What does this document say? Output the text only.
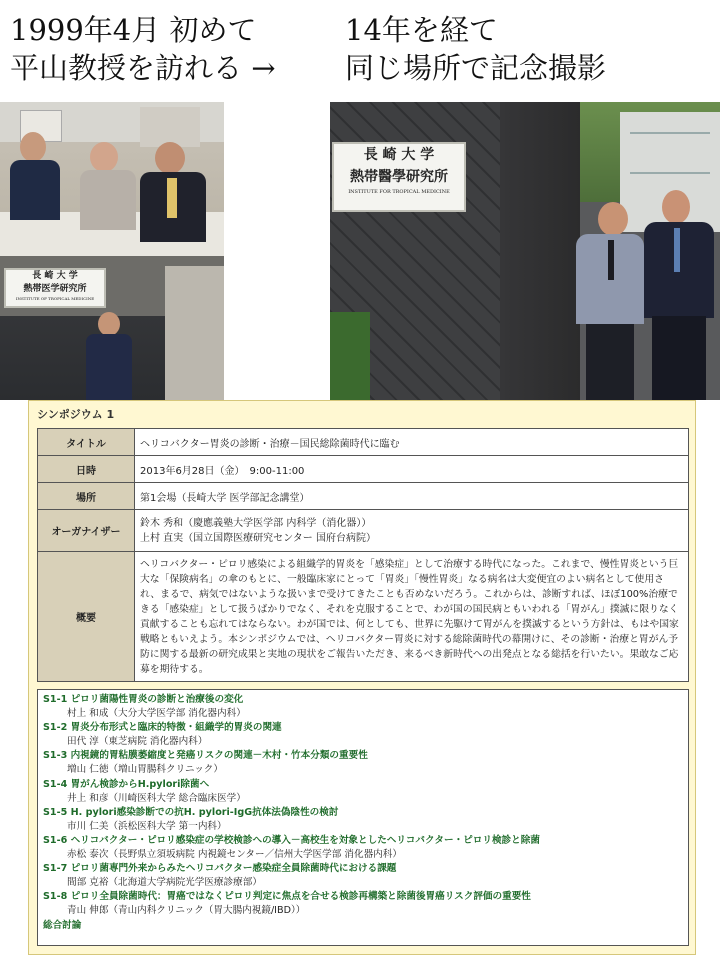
1999年4月 初めて
平山教授を訪れる →
14年を経て
同じ場所で記念撮影
長 崎 大 学
熱帯医学研究所
INSTITUTE OF TROPICAL MEDICINE
長 崎 大 学
熱帯醫學研究所
INSTITUTE FOR TROPICAL MEDICINE
シンポジウム 1
タイトル	ヘリコバクター胃炎の診断・治療－国民総除菌時代に臨む
日時	2013年6月28日（金）　9:00-11:00
場所	第1会場（長崎大学 医学部記念講堂）
オーガナイザー	鈴木 秀和（慶應義塾大学医学部 内科学（消化器））
上村 直実（国立国際医療研究センター 国府台病院）
概要	ヘリコバクター・ピロリ感染による組織学的胃炎を「感染症」として治療する時代になった。これまで、慢性胃炎という巨大な「保険病名」の傘のもとに、一般臨床家にとって「胃炎」「慢性胃炎」なる病名は大変便宜のよい病名として使用され、まるで、病気ではないような扱いまで受けてきたことも否めないだろう。これからは、診断すれば、ほぼ100%治療できる「感染症」として扱うばかりでなく、それを克服することで、わが国の国民病ともいわれる「胃がん」撲滅に限りなく貢献することも忘れてはならない。わが国では、何としても、世界に先駆けて胃がんを撲滅するという方針は、もはや国家戦略ともいえよう。本シンポジウムでは、ヘリコバクター胃炎に対する総除菌時代の幕開けに、その診断・治療と胃がん予防に関する最新の研究成果と実地の現状をご報告いただき、来るべき新時代への出発点となる総括を行いたい。果敢なご応募を期待する。
S1-1 ピロリ菌陽性胃炎の診断と治療後の変化
村上 和成（大分大学医学部 消化器内科）
S1-2 胃炎分布形式と臨床的特徴・組織学的胃炎の関連
田代 淳（東芝病院 消化器内科）
S1-3 内視鏡的胃粘膜萎縮度と発癌リスクの関連－木村・竹本分類の重要性
増山 仁徳（増山胃腸科クリニック）
S1-4 胃がん検診からH.pylori除菌へ
井上 和彦（川崎医科大学 総合臨床医学）
S1-5 H. pylori感染診断での抗H. pylori-IgG抗体法偽陰性の検討
市川 仁美（浜松医科大学 第一内科）
S1-6 ヘリコバクター・ピロリ感染症の学校検診への導入－高校生を対象としたヘリコバクター・ピロリ検診と除菌
赤松 泰次（長野県立須坂病院 内視鏡センター／信州大学医学部 消化器内科）
S1-7 ピロリ菌専門外来からみたヘリコバクター感染症全員除菌時代における課題
間部 克裕（北海道大学病院光学医療診療部）
S1-8 ピロリ全員除菌時代：胃癌ではなくピロリ判定に焦点を合せる検診再構築と除菌後胃癌リスク評価の重要性
青山 伸郎（青山内科クリニック（胃大腸内視鏡/IBD））
総合討論
